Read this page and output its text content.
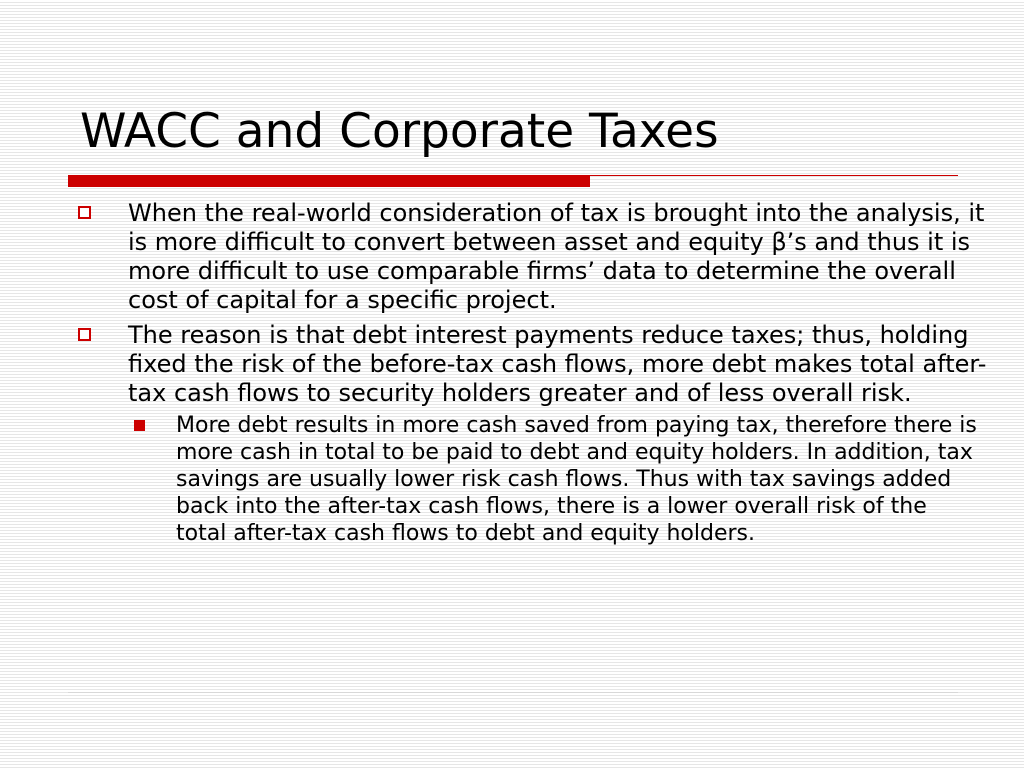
WACC and Corporate Taxes
When the real-world consideration of tax is brought into the analysis, it is more difficult to convert between asset and equity β’s and thus it is more difficult to use comparable firms’ data to determine the overall cost of capital for a specific project.
The reason is that debt interest payments reduce taxes; thus, holding fixed the risk of the before-tax cash flows, more debt makes total after-tax cash flows to security holders greater and of less overall risk.
More debt results in more cash saved from paying tax, therefore there is more cash in total to be paid to debt and equity holders. In addition, tax savings are usually lower risk cash flows. Thus with tax savings added back into the after-tax cash flows, there is a lower overall risk of the total after-tax cash flows to debt and equity holders.
